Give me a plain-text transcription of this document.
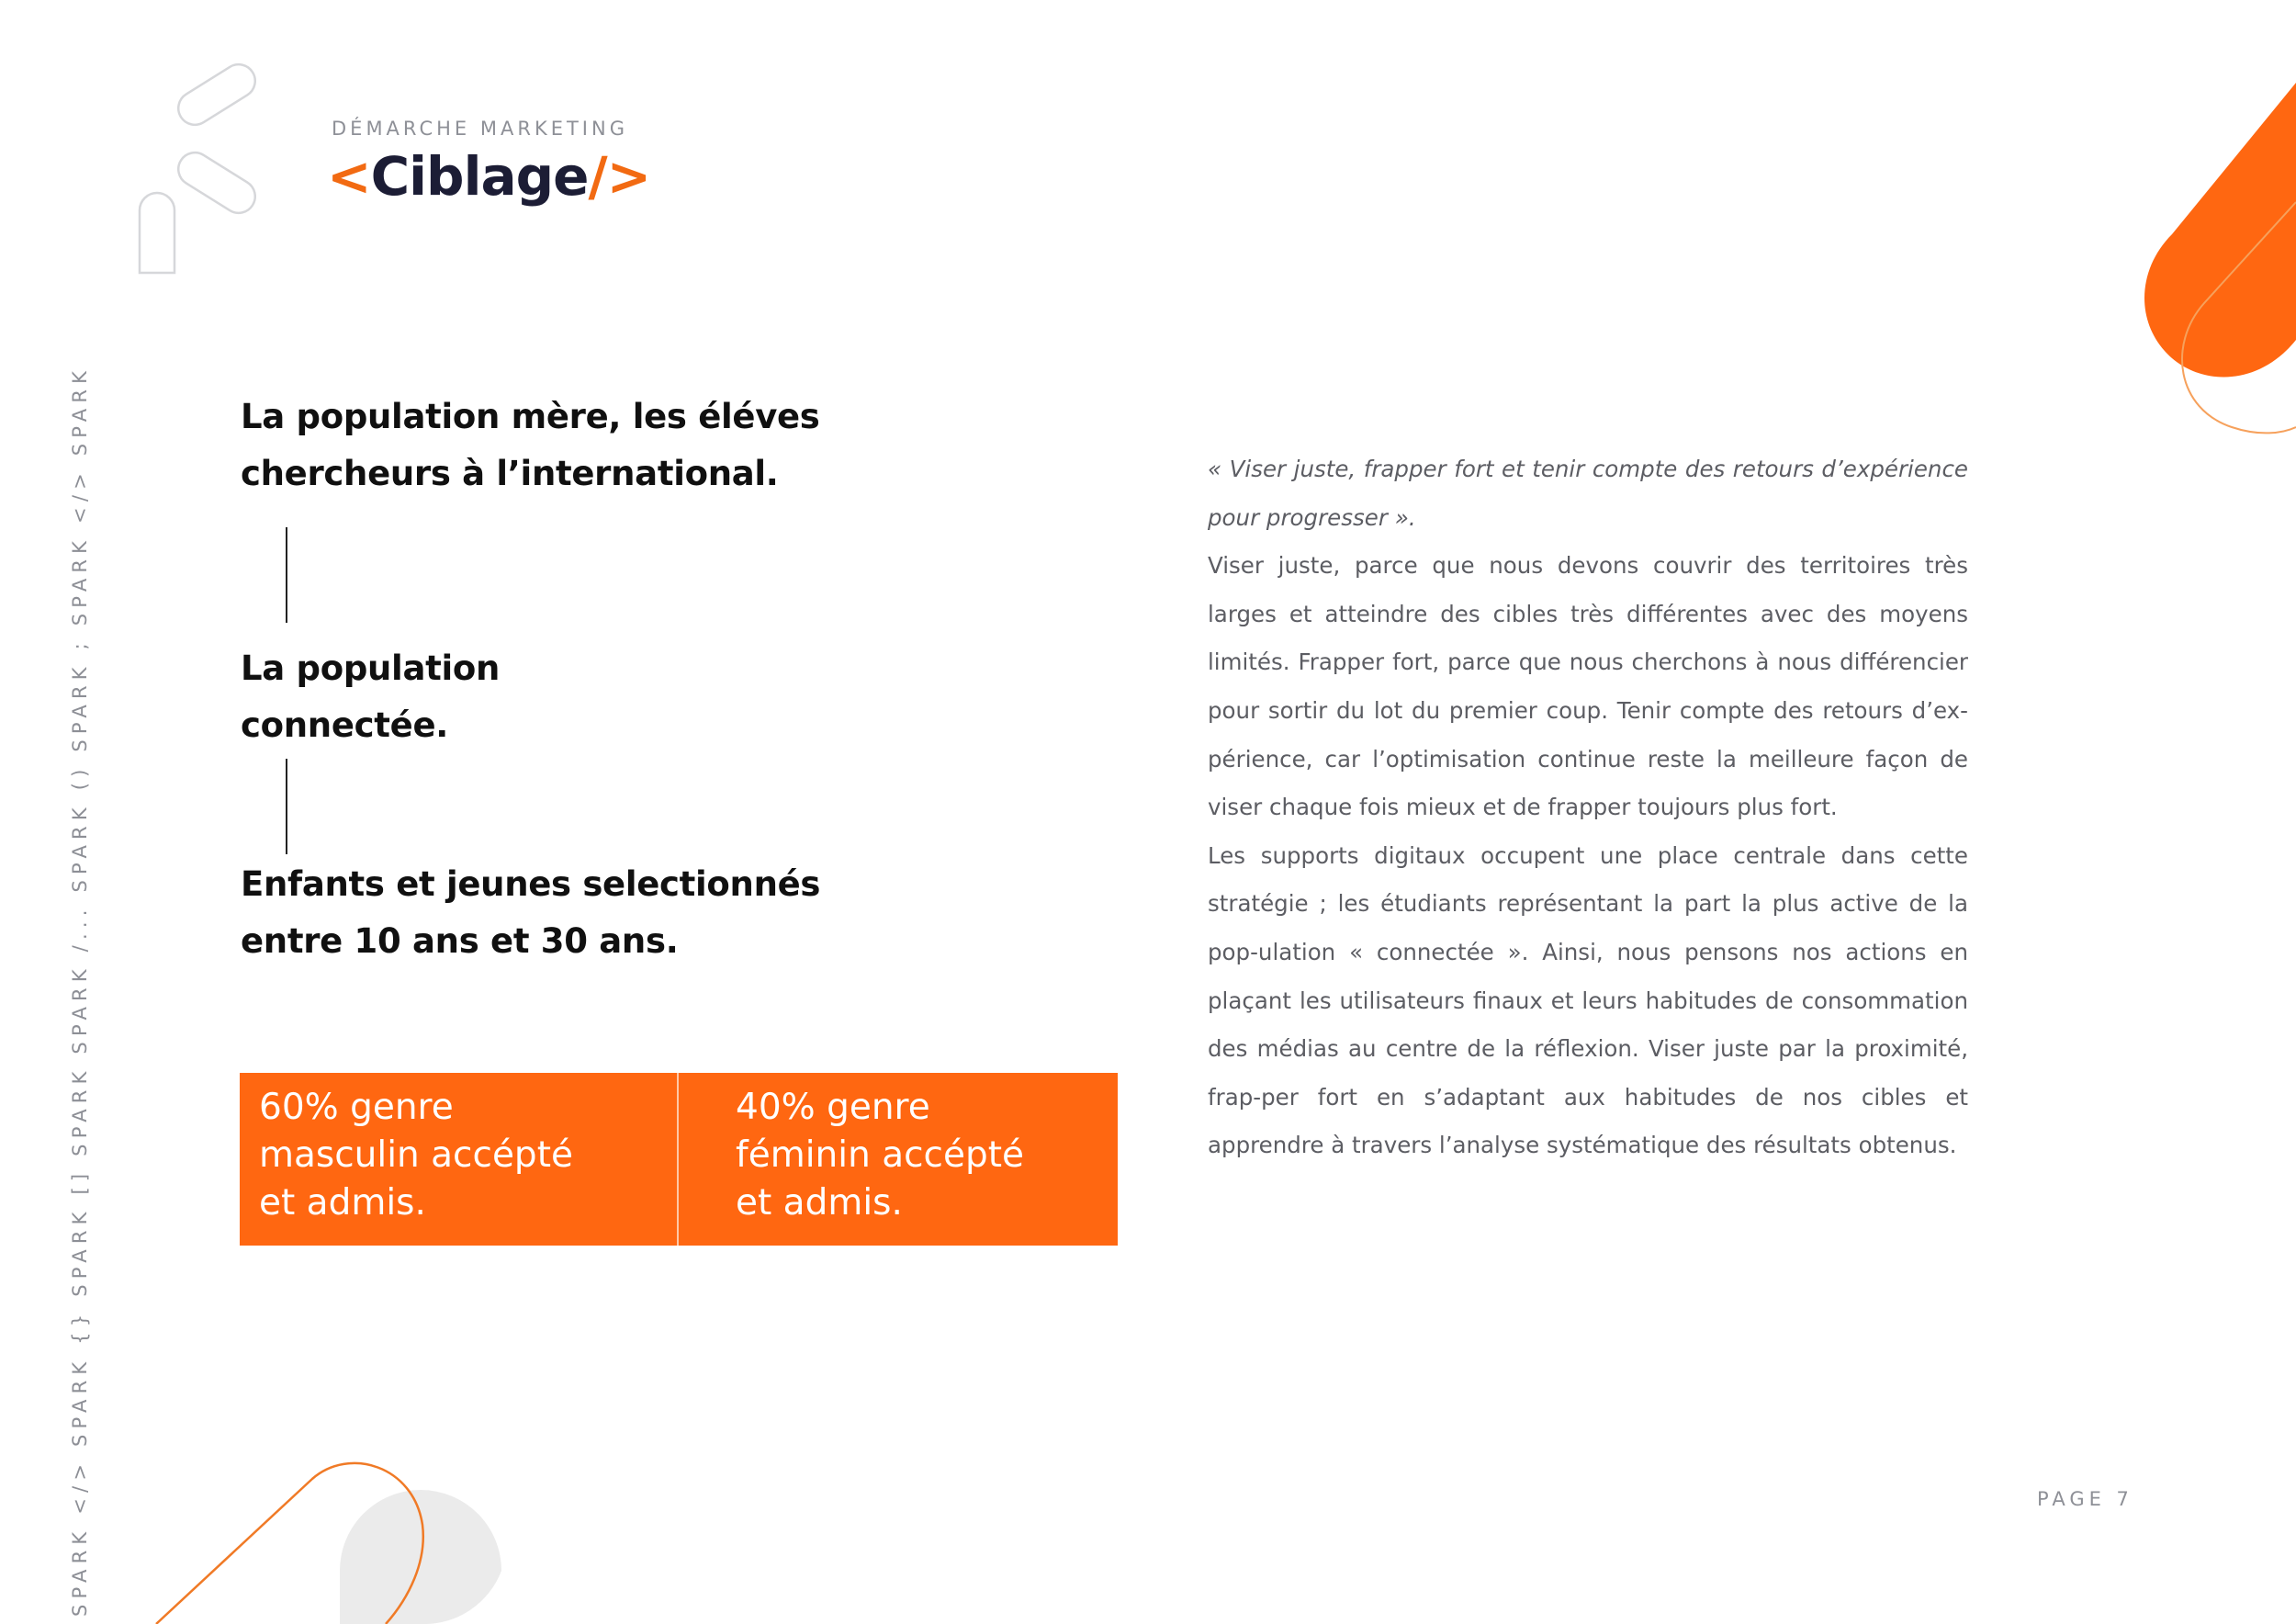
SPARK </> SPARK {} SPARK [] SPARK SPARK /... SPARK () SPARK ; SPARK </> SPARK
DÉMARCHE MARKETING
<Ciblage/>
La population mère, les éléves
chercheurs à l’international.
La population
connectée.
Enfants et jeunes selectionnés
entre 10 ans et 30 ans.
60% genre
masculin accépté
et admis.
40% genre
féminin accépté
et admis.

« Viser juste, frapper fort et tenir compte des retours d’expérience pour progresser ».

Viser juste, parce que nous devons couvrir des territoires très larges et atteindre des cibles très différentes avec des moyens limités. Frapper fort, parce que nous cherchons à nous différencier pour sortir du lot du premier coup. Tenir compte des retours d’ex-périence, car l’optimisation continue reste la meilleure façon de viser chaque fois mieux et de frapper toujours plus fort.

Les supports digitaux occupent une place centrale dans cette stratégie ; les étudiants représentant la part la plus active de la pop-ulation « connectée ». Ainsi, nous pensons nos actions en plaçant les utilisateurs finaux et leurs habitudes de consommation des médias au centre de la réflexion. Viser juste par la proximité, frap-per fort en s’adaptant aux habitudes de nos cibles et apprendre à travers l’analyse systématique des résultats obtenus.

PAGE 7
